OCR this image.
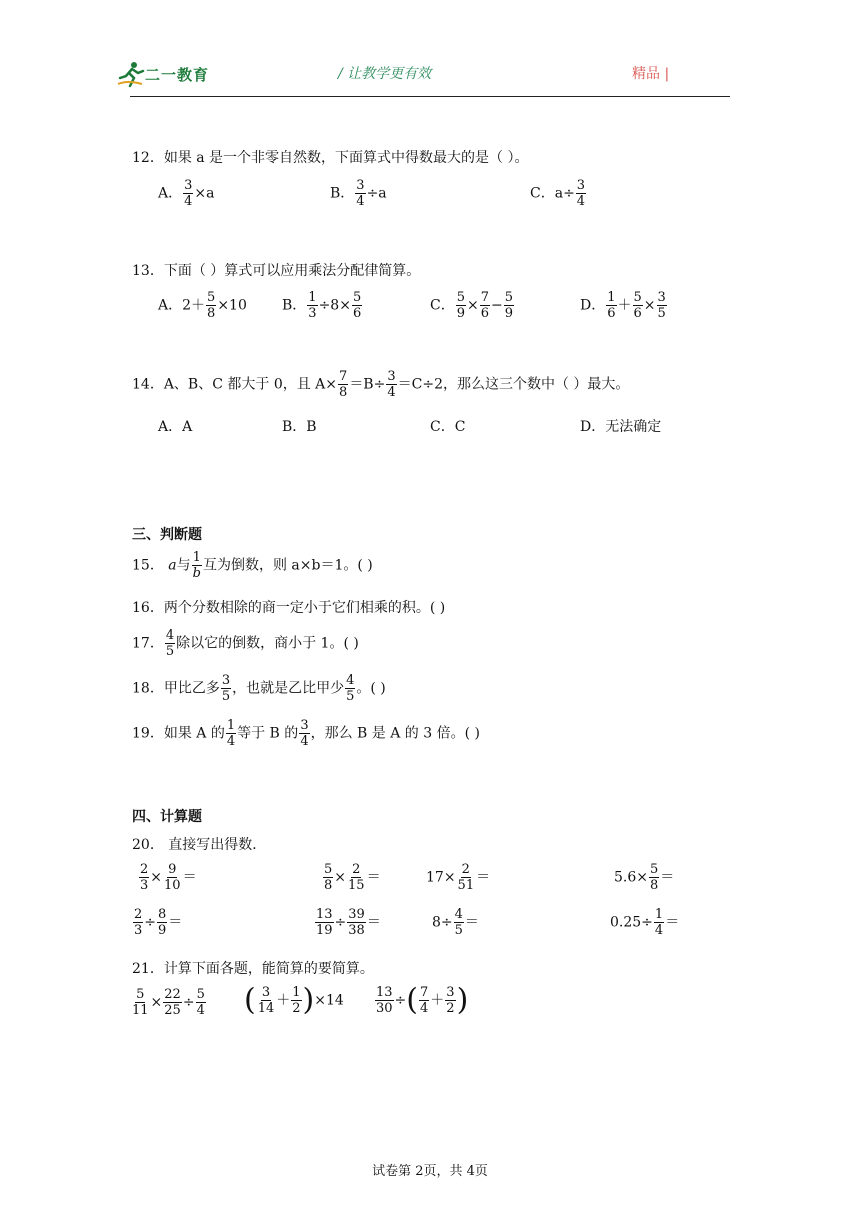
二一教育	/ 让教学更有效	精品 |
12．如果 a 是一个非零自然数，下面算式中得数最大的是（ ）。
A． $\frac{3}{4} \times a$	B． $\frac{3}{4} \div a$	C．$a\div \frac{3}{4}$
13．下面（ ）算式可以应用乘法分配律简算。
A．$2+ \frac{5}{8} \times 10$	B． $\frac{1}{3} \div 8\times \frac{5}{6}$	C． $\frac{5}{9} \times \frac{7}{6} - \frac{5}{9}$	D． $\frac{1}{6} + \frac{5}{6} \times \frac{3}{5}$
14．A、B、C 都大于 0，且 $A\times \frac{7}{8} =B\div \frac{3}{4} =C\div 2$，那么这三个数中（ ）最大。
A．A	B．B	C．C	D．无法确定
三、判断题
15． a与 $\frac{1}{b}$ 互为倒数，则 a×b＝1。( )
16．两个分数相除的商一定小于它们相乘的积。( )
17． $\frac{4}{5}$ 除以它的倒数，商小于 1。( )
18．甲比乙多 $\frac{3}{5}$ ，也就是乙比甲少 $\frac{4}{5}$ 。( )
19．如果 A 的 $\frac{1}{4}$ 等于 B 的 $\frac{3}{4}$ ，那么 B 是 A 的 3 倍。( )
四、计算题
20． 直接写出得数．
$\frac{2}{3} \times \frac{9}{10}$ ＝	$\frac{5}{8} \times \frac{2}{15}$ ＝	$17\times \frac{2}{51}$ ＝	$5.6\times \frac{5}{8}$ ＝
$\frac{2}{3} \div \frac{8}{9}$ ＝	$\frac{13}{19} \div \frac{39}{38}$ ＝	$8\div \frac{4}{5}$ ＝	$0.25\div \frac{1}{4}$ ＝
21．计算下面各题，能简算的要简算。
$\frac{5}{11} \times \frac{22}{25} \div \frac{5}{4}$ ( $\frac{3}{14} + \frac{1}{2} )\times 14 \frac{13}{30}$ ÷( $\frac{7}{4} + \frac{3}{2}$ )
试卷第 2页，共 4页
